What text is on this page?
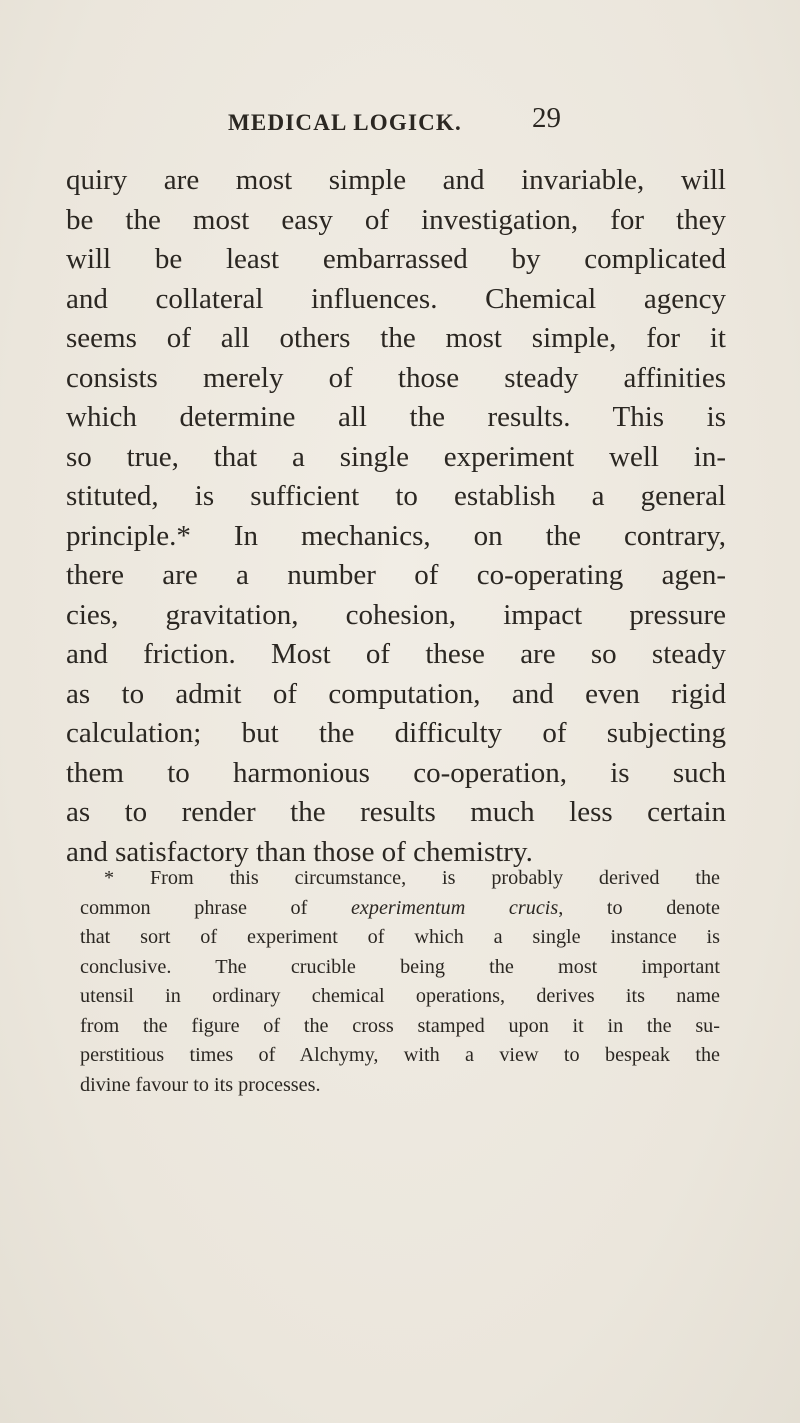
MEDICAL LOGICK. 29
quiry are most simple and invariable, will
be the most easy of investigation, for they
will be least embarrassed by complicated
and collateral influences. Chemical agency
seems of all others the most simple, for it
consists merely of those steady affinities
which determine all the results. This is
so true, that a single experiment well in-
stituted, is sufficient to establish a general
principle.* In mechanics, on the contrary,
there are a number of co-operating agen-
cies, gravitation, cohesion, impact pressure
and friction. Most of these are so steady
as to admit of computation, and even rigid
calculation; but the difficulty of subjecting
them to harmonious co-operation, is such
as to render the results much less certain
and satisfactory than those of chemistry.
* From this circumstance, is probably derived the
common phrase of experimentum crucis, to denote
that sort of experiment of which a single instance is
conclusive. The crucible being the most important
utensil in ordinary chemical operations, derives its name
from the figure of the cross stamped upon it in the su-
perstitious times of Alchymy, with a view to bespeak the
divine favour to its processes.
